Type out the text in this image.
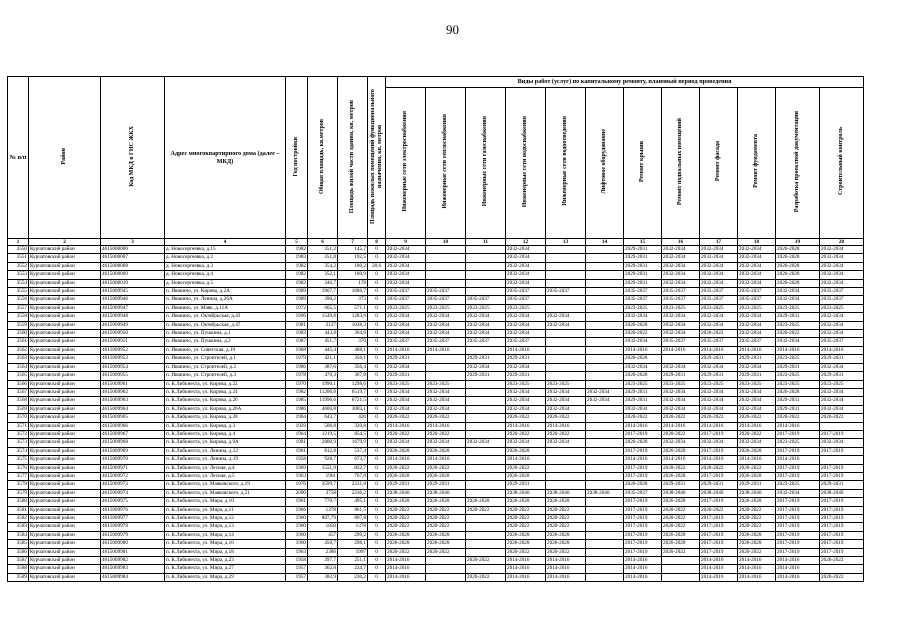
90
№ п/п	Район	Код МКД в ГИС ЖКХ	Адрес многоквартирного дома (далее – МКД)	Год постройки	Общая площадь, кв.метров	Площадь жилой части здания, кв. метров	Площадь нежилых помещений функционального назначения, кв. метров	Виды работ (услуг) по капитальному ремонту, плановый период проведения											
								Инженерные сети электроснабжения	Инженерные сети теплоснабжения	Инженерные сети газоснабжения	Инженерные сети водоснабжения	Инженерные сети водоотведения	Лифтовое оборудование	Ремонт крыши	Ремонт подвальных помещений	Ремонт фасада	Ремонт фундамента	Разработка проектной документации	Строительный контроль
1	2	3	4	5	6	7	8	9	10	11	12	13	14	15	16	17	18	19	20
3550	Курчатовский район	4615000006	д. Новосергеевка, д.15	1982	351,2	145,7	0	2032-2034			2032-2034			2029-2031	2032-2034	2032-2034	2032-2034	2026-2028	2032-2034
3551	Курчатовский район	4615000007	д. Новосергеевка, д.2	1983	351,8	192,5	0	2032-2034			2032-2034			2029-2031	2032-2034	2032-2034	2032-2034	2026-2028	2032-2034
3552	Курчатовский район	4615000008	д. Новосергеевка, д.3	1982	354,2	180,2	28,6	2032-2034			2032-2034			2029-2031	2032-2034	2032-2034	2032-2034	2026-2028	2032-2034
3553	Курчатовский район	4615000009	д. Новосергеевка, д.4	1982	352,1	180,9	0	2032-2034			2032-2034			2029-2031	2032-2034	2032-2034	2032-2034	2026-2028	2032-2034
3554	Курчатовский район	4615000010	д. Новосергеевка, д.5	1982	346,7	178	0	2032-2034			2032-2034			2029-2031	2032-2034	2032-2034	2032-2034	2026-2028	2032-2034
3555	Курчатовский район	4615009945	п. Иванино, ул. Кирова, д.2А	1989	1967,7	1686,7	0	2035-2037	2035-2037		2035-2037	2035-2037		2035-2037	2035-2037	2035-2037	2035-2037	2032-2034	2035-2037
3556	Курчатовский район	4615009946	п. Иванино, ул. Ленина, д.26А	1989	390,2	373	0	2035-2037	2035-2037	2035-2037	2035-2037			2035-2037	2035-2037	2035-2037	2035-2037	2032-2034	2035-2037
3557	Курчатовский район	4615009947	п. Иванино, ул. Маяк, д.11А	1972	665,5	571,1	0	2023-2025	2023-2025	2023-2025	2023-2025			2023-2025	2023-2025	2023-2025	2023-2025	2023-2025	2023-2025
3558	Курчатовский район	4615009948	п. Иванино, ул. Октябрьская, д.43	1996	1549,8	1283,6	0	2032-2034	2032-2034	2032-2034	2032-2034	2032-2034		2032-2034	2032-2034	2032-2034	2032-2034	2029-2031	2032-2034
3559	Курчатовский район	4615009949	п. Иванино, ул. Октябрьская, д.47	1981	2127	1038,3	0	2032-2034	2032-2034	2032-2034	2032-2034	2032-2034		2026-2028	2032-2034	2032-2034	2032-2034	2023-2025	2032-2034
3560	Курчатовский район	4615009950	п. Иванино, ул. Пушкина, д.1	1983	443,8	364,6	0	2032-2034	2032-2034	2032-2034	2032-2034			2020-2022	2032-2034	2020-2022	2032-2034	2020-2022	2032-2034
3561	Курчатовский район	4615009951	п. Иванино, ул. Пушкина, д.2	1987	451,7	370	0	2035-2037	2035-2037	2035-2037	2035-2037			2032-2034	2035-2037	2035-2037	2035-2037	2032-2034	2035-2037
3562	Курчатовский район	4615009952	п. Иванино, ул. Советская, д.19	1968	445,4	408,1	0	2014-2016	2014-2016		2014-2016			2014-2016	2014-2016	2014-2016	2014-2016	2014-2016	2014-2016
3563	Курчатовский район	4615009953	п. Иванино, ул. Строителей, д.1	1979	421,1	356,1	0	2029-2031		2029-2031	2029-2031			2026-2028		2029-2031	2029-2031	2023-2025	2029-2031
3564	Курчатовский район	4615009954	п. Иванино, ул. Строителей, д.2	1986	387,6	356,4	0	2032-2034		2032-2034	2032-2034			2032-2034	2032-2034	2032-2034	2032-2034	2029-2031	2032-2034
3565	Курчатовский район	4615009955	п. Иванино, ул. Строителей, д.3	1978	470,3	367,8	0	2029-2031		2029-2031	2029-2031			2026-2028	2029-2031	2029-2031	2029-2031	2023-2025	2029-2031
3566	Курчатовский район	4615009961	п. К.Либкнехта, ул. Кирова, д.22	1970	1990,1	1298,6	0	2023-2025	2023-2025		2023-2025	2023-2025		2023-2025	2023-2025	2023-2025	2023-2025	2023-2025	2023-2025
3567	Курчатовский район	4615009962	п. К.Либкнехта, ул. Кирова, д.24	1982	11206,8	6519,7	0	2032-2034	2032-2034		2032-2034	2032-2034	2032-2034	2029-2031	2032-2034	2032-2034	2032-2034	2026-2028	2032-2034
3568	Курчатовский район	4615009963	п. К.Либкнехта, ул. Кирова, д.26	1985	11996,6	6721,5	0	2032-2034	2032-2034		2032-2034	2032-2034	2032-2034	2029-2031	2032-2034	2032-2034	2032-2034	2029-2031	2032-2034
3569	Курчатовский район	4615009964	п. К.Либкнехта, ул. Кирова, д.26А	1986	4606,8	3003,1	0	2032-2034	2032-2034		2032-2034	2032-2034		2032-2034	2032-2034	2032-2034	2032-2034	2029-2031	2032-2034
3570	Курчатовский район	4615009965	п. К.Либкнехта, ул. Кирова, д.28	1964	643,7	420	0	2020-2022	2020-2022		2020-2022	2020-2022		2020-2022	2020-2022	2020-2022	2020-2022	2020-2022	2020-2022
3571	Курчатовский район	4615009966	п. К.Либкнехта, ул. Кирова, д.3	1929	506,8	320,8	0	2014-2016	2014-2016		2014-2016	2014-2016		2014-2016	2014-2016	2014-2016	2014-2016	2014-2016	
3572	Курчатовский район	4615009967	п. К.Либкнехта, ул. Кирова, д.4	1964	1219,5	854,5	0	2020-2022	2020-2022		2020-2022	2020-2022		2017-2019	2020-2022	2017-2019	2020-2022	2017-2019	2017-2019
3573	Курчатовский район	4615009968	п. К.Либкнехта, ул. Кирова, д.9А	1981	2800,9	1679,9	0	2032-2034	2032-2034	2032-2034	2032-2034	2032-2034		2026-2028	2032-2034	2032-2034	2032-2034	2023-2025	2032-2034
3574	Курчатовский район	4615009969	п. К.Либкнехта, ул. Ленина, д.12	1961	812,8	537,4	0	2026-2028	2026-2028		2026-2028			2017-2019	2026-2028	2017-2019	2026-2028	2017-2019	2017-2019
3575	Курчатовский район	4615009970	п. К.Либкнехта, ул. Ленина, д.19	1958	928,7	673,7	0	2014-2016	2014-2016		2014-2016			2014-2016	2014-2016	2014-2016	2014-2016	2014-2016	
3576	Курчатовский район	4615009971	п. К.Либкнехта, ул. Лесная, д.4	1969	1551,9	822,7	0	2020-2022	2020-2022		2020-2022			2017-2019	2020-2022	2020-2022	2020-2022	2017-2019	2017-2019
3577	Курчатовский район	4615009972	п. К.Либкнехта, ул. Лесная, д.5	1963	1961	767,6	0	2026-2028	2026-2028		2026-2028			2017-2019	2026-2028	2017-2019	2026-2028	2017-2019	2017-2019
3578	Курчатовский район	4615009973	п. К.Либкнехта, ул. Маяковского, д.19	1976	3599,7	2231,8	0	2029-2031	2029-2031		2029-2031			2026-2028	2029-2031	2029-2031	2029-2031	2023-2025	2029-2031
3579	Курчатовский район	4615009974	п. К.Либкнехта, ул. Маяковского, д.21	2000	3758	2236,2	0	2038-2040	2038-2040		2038-2040	2038-2040	2038-2040	2035-2037	2038-2040	2038-2040	2038-2040	2032-2034	2038-2040
3580	Курчатовский район	4615009975	п. К.Либкнехта, ул. Мира, д.10	1961	770,7	495,1	0	2026-2028	2026-2028	2026-2028	2026-2028	2026-2028		2017-2019	2026-2028	2017-2019	2026-2028	2017-2019	2017-2019
3581	Курчатовский район	4615009976	п. К.Либкнехта, ул. Мира, д.11	1966	1378	861,5	0	2020-2022	2020-2022	2020-2022	2020-2022	2020-2022		2017-2019	2020-2022	2020-2022	2020-2022	2017-2019	2017-2019
3582	Курчатовский район	4615009977	п. К.Либкнехта, ул. Мира, д.12	1960	807,79	807,8	0	2020-2022	2020-2022		2020-2022	2020-2022		2017-2019	2020-2022	2017-2019	2020-2022	2017-2019	2017-2019
3583	Курчатовский район	4615009978	п. К.Либкнехта, ул. Мира, д.13	1960	1850	1378	0	2020-2022	2020-2022		2020-2022	2020-2022		2017-2019	2020-2022	2017-2019	2020-2022	2017-2019	2017-2019
3584	Курчатовский район	4615009979	п. К.Либкнехта, ул. Мира, д.14	1960	457	299,2	0	2026-2028	2026-2028		2026-2028	2026-2028		2017-2019	2026-2028	2017-2019	2026-2028	2017-2019	2017-2019
3585	Курчатовский район	4615009980	п. К.Либкнехта, ул. Мира, д.16	1960	450,7	298,1	0	2026-2028	2026-2028		2026-2028	2026-2028		2017-2019	2026-2028	2017-2019	2026-2028	2017-2019	2017-2019
3586	Курчатовский район	4615009981	п. К.Либкнехта, ул. Мира, д.18	1963	2386	1997	0	2020-2022	2020-2022		2020-2022	2020-2022		2017-2019	2020-2022	2017-2019	2020-2022	2017-2019	2017-2019
3587	Курчатовский район	4615009982	п. К.Либкнехта, ул. Мира, д.23	1958	397,7	251,1	0	2014-2016		2020-2022	2014-2016	2014-2016		2014-2016		2014-2016	2014-2016	2014-2016	2020-2022
3588	Курчатовский район	4615009983	п. К.Либкнехта, ул. Мира, д.27	1957	362,8	234,7	0	2014-2016			2014-2016	2014-2016		2014-2016		2014-2016	2014-2016	2014-2016	
3589	Курчатовский район	4615009984	п. К.Либкнехта, ул. Мира, д.29	1957	382,9	230,2	0	2014-2016		2020-2022	2014-2016	2014-2016		2014-2016		2014-2016	2014-2016	2014-2016	2020-2022
